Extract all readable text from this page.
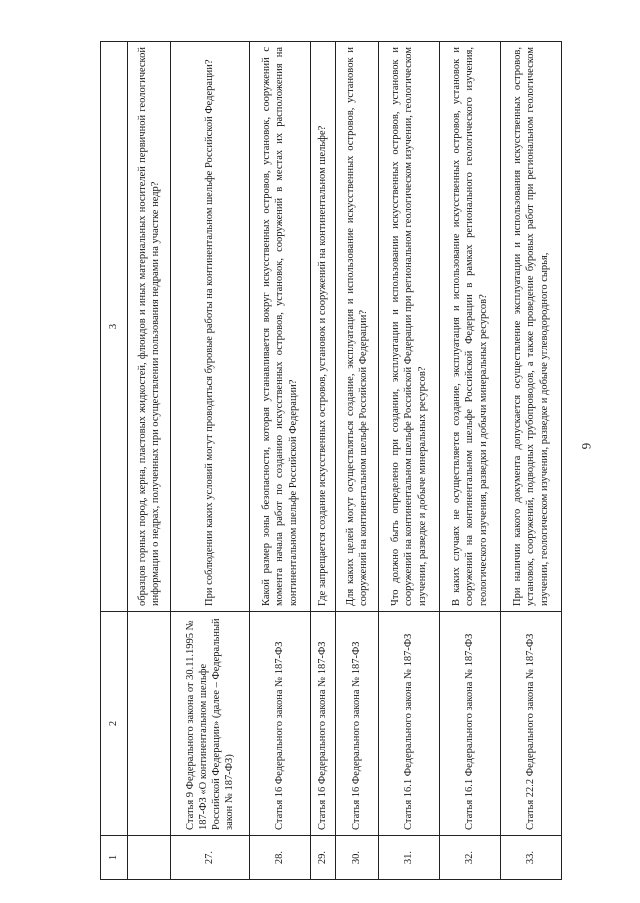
6
1	2	3
		образцов горных пород, керна, пластовых жидкостей, флюидов и иных материальных носителей первичной геологической информации о недрах, полученных при осуществлении пользования недрами на участке недр?
27.	Статья 9 Федерального закона от 30.11.1995 № 187-ФЗ «О континентальном шельфе Российской Федерации» (далее – Федеральный закон № 187-ФЗ)	При соблюдении каких условий могут проводиться буровые работы на континентальном шельфе Российской Федерации?
28.	Статья 16 Федерального закона № 187-ФЗ	Какой размер зоны безопасности, которая устанавливается вокруг искусственных островов, установок, сооружений с момента начала работ по созданию искусственных островов, установок, сооружений в местах их расположения на континентальном шельфе Российской Федерации?
29.	Статья 16 Федерального закона № 187-ФЗ	Где запрещается создание искусственных островов, установок и сооружений на континентальном шельфе?
30.	Статья 16 Федерального закона № 187-ФЗ	Для каких целей могут осуществляться создание, эксплуатация и использование искусственных островов, установок и сооружений на континентальном шельфе Российской Федерации?
31.	Статья 16.1 Федерального закона № 187-ФЗ	Что должно быть определено при создании, эксплуатации и использовании искусственных островов, установок и сооружений на континентальном шельфе Российской Федерации при региональном геологическом изучении, геологическом изучении, разведке и добыче минеральных ресурсов?
32.	Статья 16.1 Федерального закона № 187-ФЗ	В каких случаях не осуществляется создание, эксплуатация и использование искусственных островов, установок и сооружений на континентальном шельфе Российской Федерации в рамках регионального геологического изучения, геологического изучения, разведки и добычи минеральных ресурсов?
33.	Статья 22.2 Федерального закона № 187-ФЗ	При наличии какого документа допускается осуществление эксплуатации и использования искусственных островов, установок, сооружений, подводных трубопроводов, а также проведение буровых работ при региональном геологическом изучении, геологическом изучении, разведке и добыче углеводородного сырья,
